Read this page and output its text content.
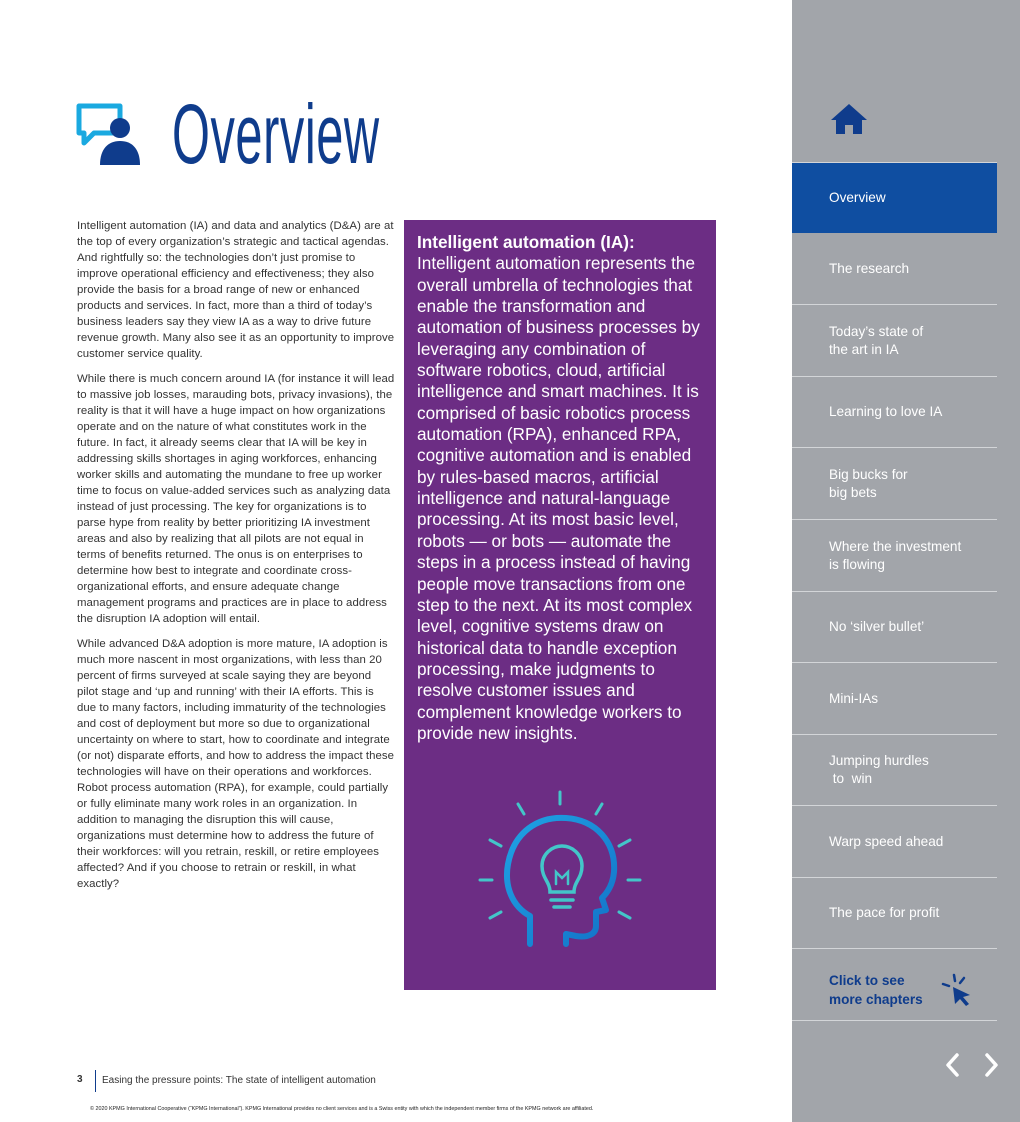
Overview

Intelligent automation (IA) and data and analytics (D&A) are at the top of every organization’s strategic and tactical agendas. And rightfully so: the technologies don’t just promise to improve operational efficiency and effectiveness; they also provide the basis for a broad range of new or enhanced products and services. In fact, more than a third of today’s business leaders say they view IA as a way to drive future revenue growth. Many also see it as an opportunity to improve customer service quality.

While there is much concern around IA (for instance it will lead to massive job losses, marauding bots, privacy invasions), the reality is that it will have a huge impact on how organizations operate and on the nature of what constitutes work in the future. In fact, it already seems clear that IA will be key in addressing skills shortages in aging workforces, enhancing worker skills and automating the mundane to free up worker time to focus on value-added services such as analyzing data instead of just processing. The key for organizations is to parse hype from reality by better prioritizing IA investment areas and also by realizing that all pilots are not equal in terms of benefits returned. The onus is on enterprises to determine how best to integrate and coordinate cross-organizational efforts, and ensure adequate change management programs and practices are in place to address the disruption IA adoption will entail.

While advanced D&A adoption is more mature, IA adoption is much more nascent in most organizations, with less than 20 percent of firms surveyed at scale saying they are beyond pilot stage and ‘up and running’ with their IA efforts. This is due to many factors, including immaturity of the technologies and cost of deployment but more so due to organizational uncertainty on where to start, how to coordinate and integrate (or not) disparate efforts, and how to address the impact these technologies will have on their operations and workforces. Robot process automation (RPA), for example, could partially or fully eliminate many work roles in an organization. In addition to managing the disruption this will cause, organizations must determine how to address the future of their workforces: will you retrain, reskill, or retire employees affected? And if you choose to retrain or reskill, in what exactly?

Intelligent automation (IA):
Intelligent automation represents the overall umbrella of technologies that enable the transformation and automation of business processes by leveraging any combination of software robotics, cloud, artificial intelligence and smart machines. It is comprised of basic robotics process automation (RPA), enhanced RPA, cognitive automation and is enabled by rules-based macros, artificial intelligence and natural-language processing. At its most basic level, robots — or bots — automate the steps in a process instead of having people move transactions from one step to the next. At its most complex level, cognitive systems draw on historical data to handle exception processing, make judgments to resolve customer issues and complement knowledge workers to provide new insights.
3 Easing the pressure points: The state of intelligent automation
© 2020 KPMG International Cooperative (“KPMG International”). KPMG International provides no client services and is a Swiss entity with which the independent member firms of the KPMG network are affiliated.
Overview
The research
Today’s state of
the art in IA
Learning to love IA
Big bucks for
big bets
Where the investment
is flowing
No ‘silver bullet’
Mini-IAs
Jumping hurdles
to  win
Warp speed ahead
The pace for profit
Click to see
more chapters
